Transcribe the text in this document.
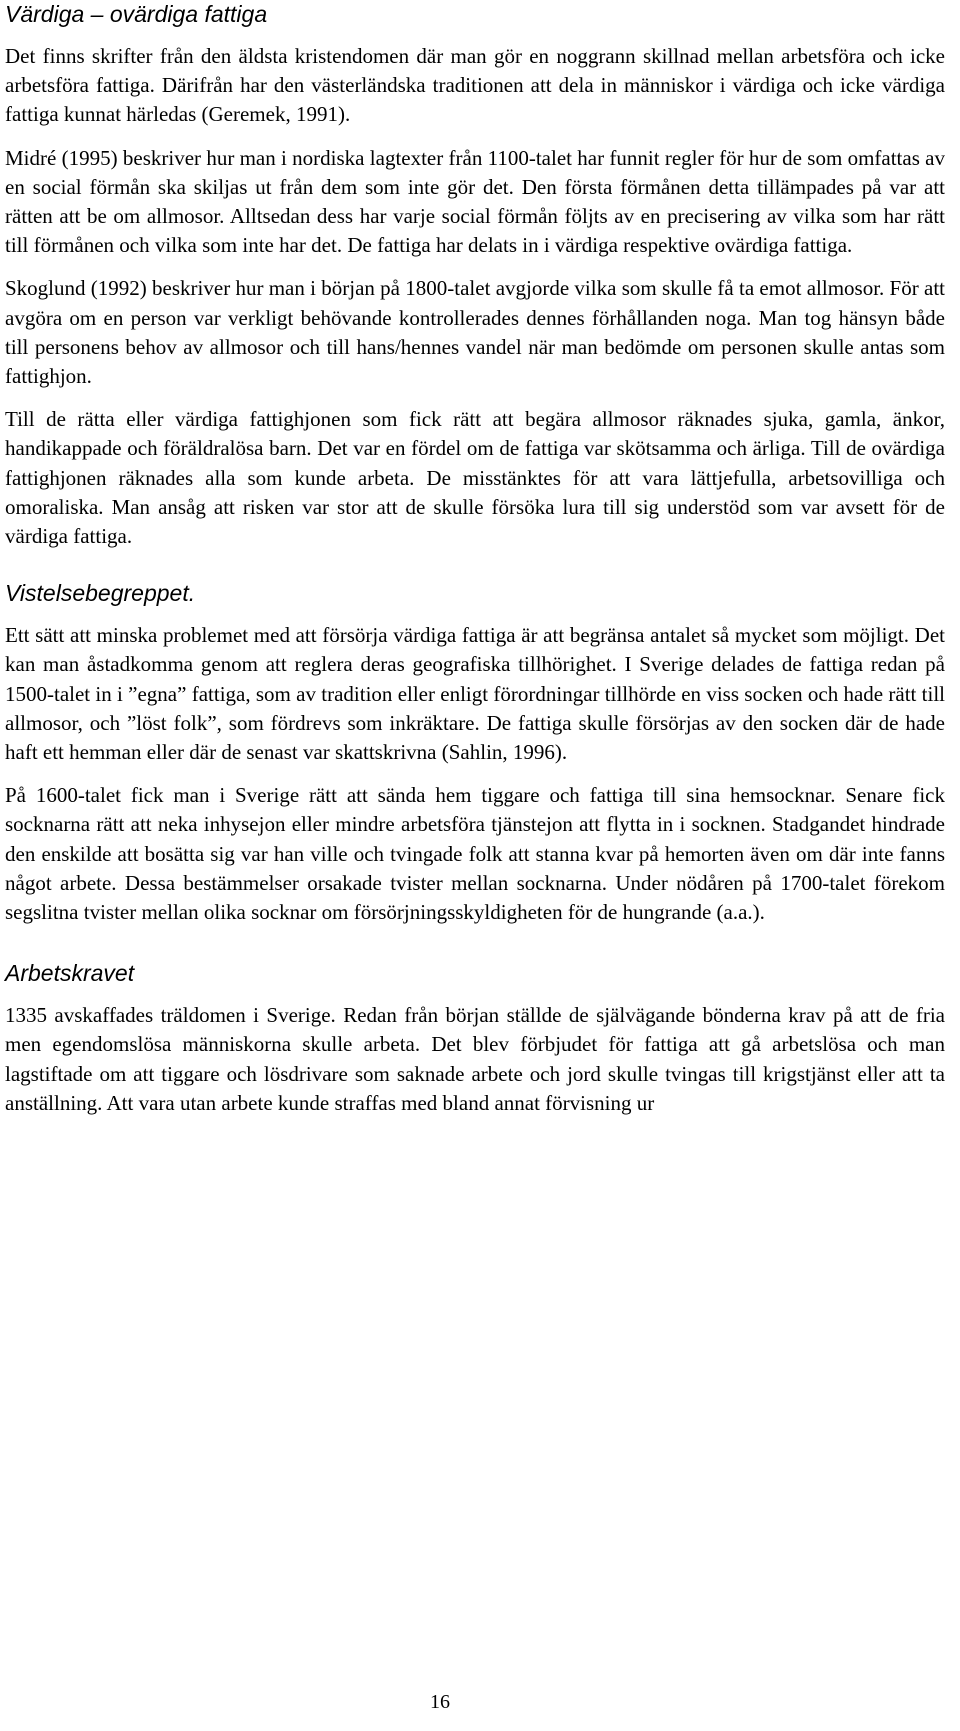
Värdiga – ovärdiga fattiga

Det finns skrifter från den äldsta kristendomen där man gör en noggrann skillnad mellan arbetsföra och icke arbetsföra fattiga. Därifrån har den västerländska traditionen att dela in människor i värdiga och icke värdiga fattiga kunnat härledas (Geremek, 1991).

Midré (1995) beskriver hur man i nordiska lagtexter från 1100-talet har funnit regler för hur de som omfattas av en social förmån ska skiljas ut från dem som inte gör det. Den första förmånen detta tillämpades på var att rätten att be om allmosor. Alltsedan dess har varje social förmån följts av en precisering av vilka som har rätt till förmånen och vilka som inte har det. De fattiga har delats in i värdiga respektive ovärdiga fattiga.

Skoglund (1992) beskriver hur man i början på 1800-talet avgjorde vilka som skulle få ta emot allmosor. För att avgöra om en person var verkligt behövande kontrollerades dennes förhållanden noga. Man tog hänsyn både till personens behov av allmosor och till hans/hennes vandel när man bedömde om personen skulle antas som fattighjon.

Till de rätta eller värdiga fattighjonen som fick rätt att begära allmosor räknades sjuka, gamla, änkor, handikappade och föräldralösa barn. Det var en fördel om de fattiga var skötsamma och ärliga. Till de ovärdiga fattighjonen räknades alla som kunde arbeta. De misstänktes för att vara lättjefulla, arbetsovilliga och omoraliska. Man ansåg att risken var stor att de skulle försöka lura till sig understöd som var avsett för de värdiga fattiga.

Vistelsebegreppet.

Ett sätt att minska problemet med att försörja värdiga fattiga är att begränsa antalet så mycket som möjligt. Det kan man åstadkomma genom att reglera deras geografiska tillhörighet. I Sverige delades de fattiga redan på 1500-talet in i ”egna” fattiga, som av tradition eller enligt förordningar tillhörde en viss socken och hade rätt till allmosor, och ”löst folk”, som fördrevs som inkräktare. De fattiga skulle försörjas av den socken där de hade haft ett hemman eller där de senast var skattskrivna (Sahlin, 1996).

På 1600-talet fick man i Sverige rätt att sända hem tiggare och fattiga till sina hemsocknar. Senare fick socknarna rätt att neka inhysejon eller mindre arbetsföra tjänstejon att flytta in i socknen. Stadgandet hindrade den enskilde att bosätta sig var han ville och tvingade folk att stanna kvar på hemorten även om där inte fanns något arbete. Dessa bestämmelser orsakade tvister mellan socknarna. Under nödåren på 1700-talet förekom segslitna tvister mellan olika socknar om försörjningsskyldigheten för de hungrande (a.a.).

Arbetskravet

1335 avskaffades träldomen i Sverige. Redan från början ställde de självägande bönderna krav på att de fria men egendomslösa människorna skulle arbeta. Det blev förbjudet för fattiga att gå arbetslösa och man lagstiftade om att tiggare och lösdrivare som saknade arbete och jord skulle tvingas till krigstjänst eller att ta anställning. Att vara utan arbete kunde straffas med bland annat förvisning ur

16
